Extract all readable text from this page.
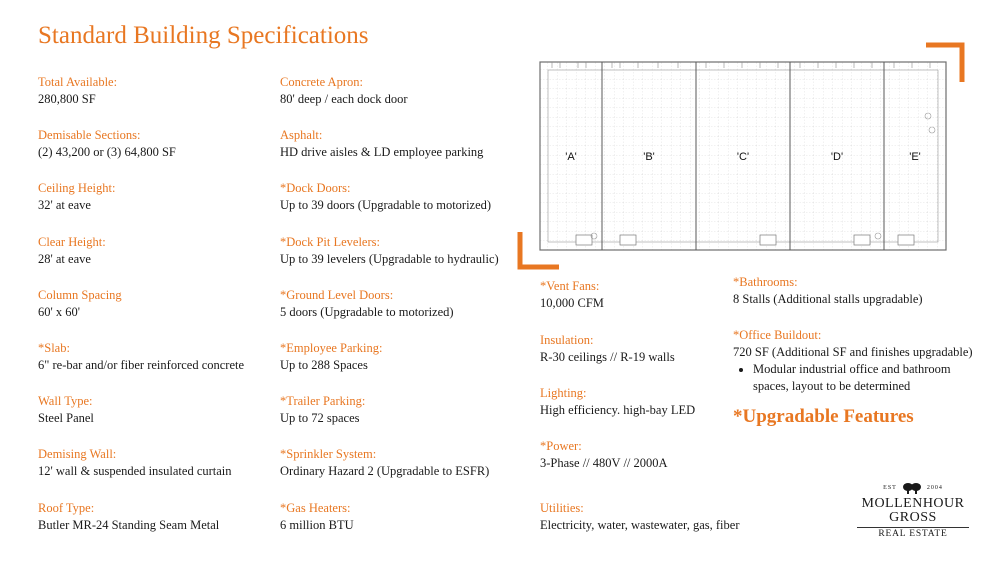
Standard Building Specifications
Total Available:
280,800 SF
Demisable Sections:
(2) 43,200 or (3) 64,800 SF
Ceiling Height:
32' at eave
Clear Height:
28' at eave
Column Spacing
60' x 60'
*Slab:
6" re-bar and/or fiber reinforced concrete
Wall Type:
Steel Panel
Demising Wall:
12' wall & suspended insulated curtain
Roof Type:
Butler MR-24 Standing Seam Metal
Concrete Apron:
80' deep / each dock door
Asphalt:
HD drive aisles & LD employee parking
*Dock Doors:
Up to 39 doors (Upgradable to motorized)
*Dock Pit Levelers:
Up to 39 levelers (Upgradable to hydraulic)
*Ground Level Doors:
5 doors (Upgradable to motorized)
*Employee Parking:
Up to 288 Spaces
*Trailer Parking:
Up to 72 spaces
*Sprinkler System:
Ordinary Hazard 2 (Upgradable to ESFR)
*Gas Heaters:
6 million BTU
*Vent Fans:
10,000 CFM
Insulation:
R-30 ceilings // R-19 walls
Lighting:
High efficiency. high-bay LED
*Power:
3-Phase // 480V // 2000A
Utilities:
Electricity, water, wastewater, gas, fiber
*Bathrooms:
8 Stalls (Additional stalls upgradable)
*Office Buildout:
720 SF (Additional SF and finishes upgradable)
• Modular industrial office and bathroom
spaces, layout to be determined
*Upgradable Features
'A'	'B'	'C'	'D'	'E'
EST	2004
MOLLENHOUR
GROSS
REAL ESTATE
